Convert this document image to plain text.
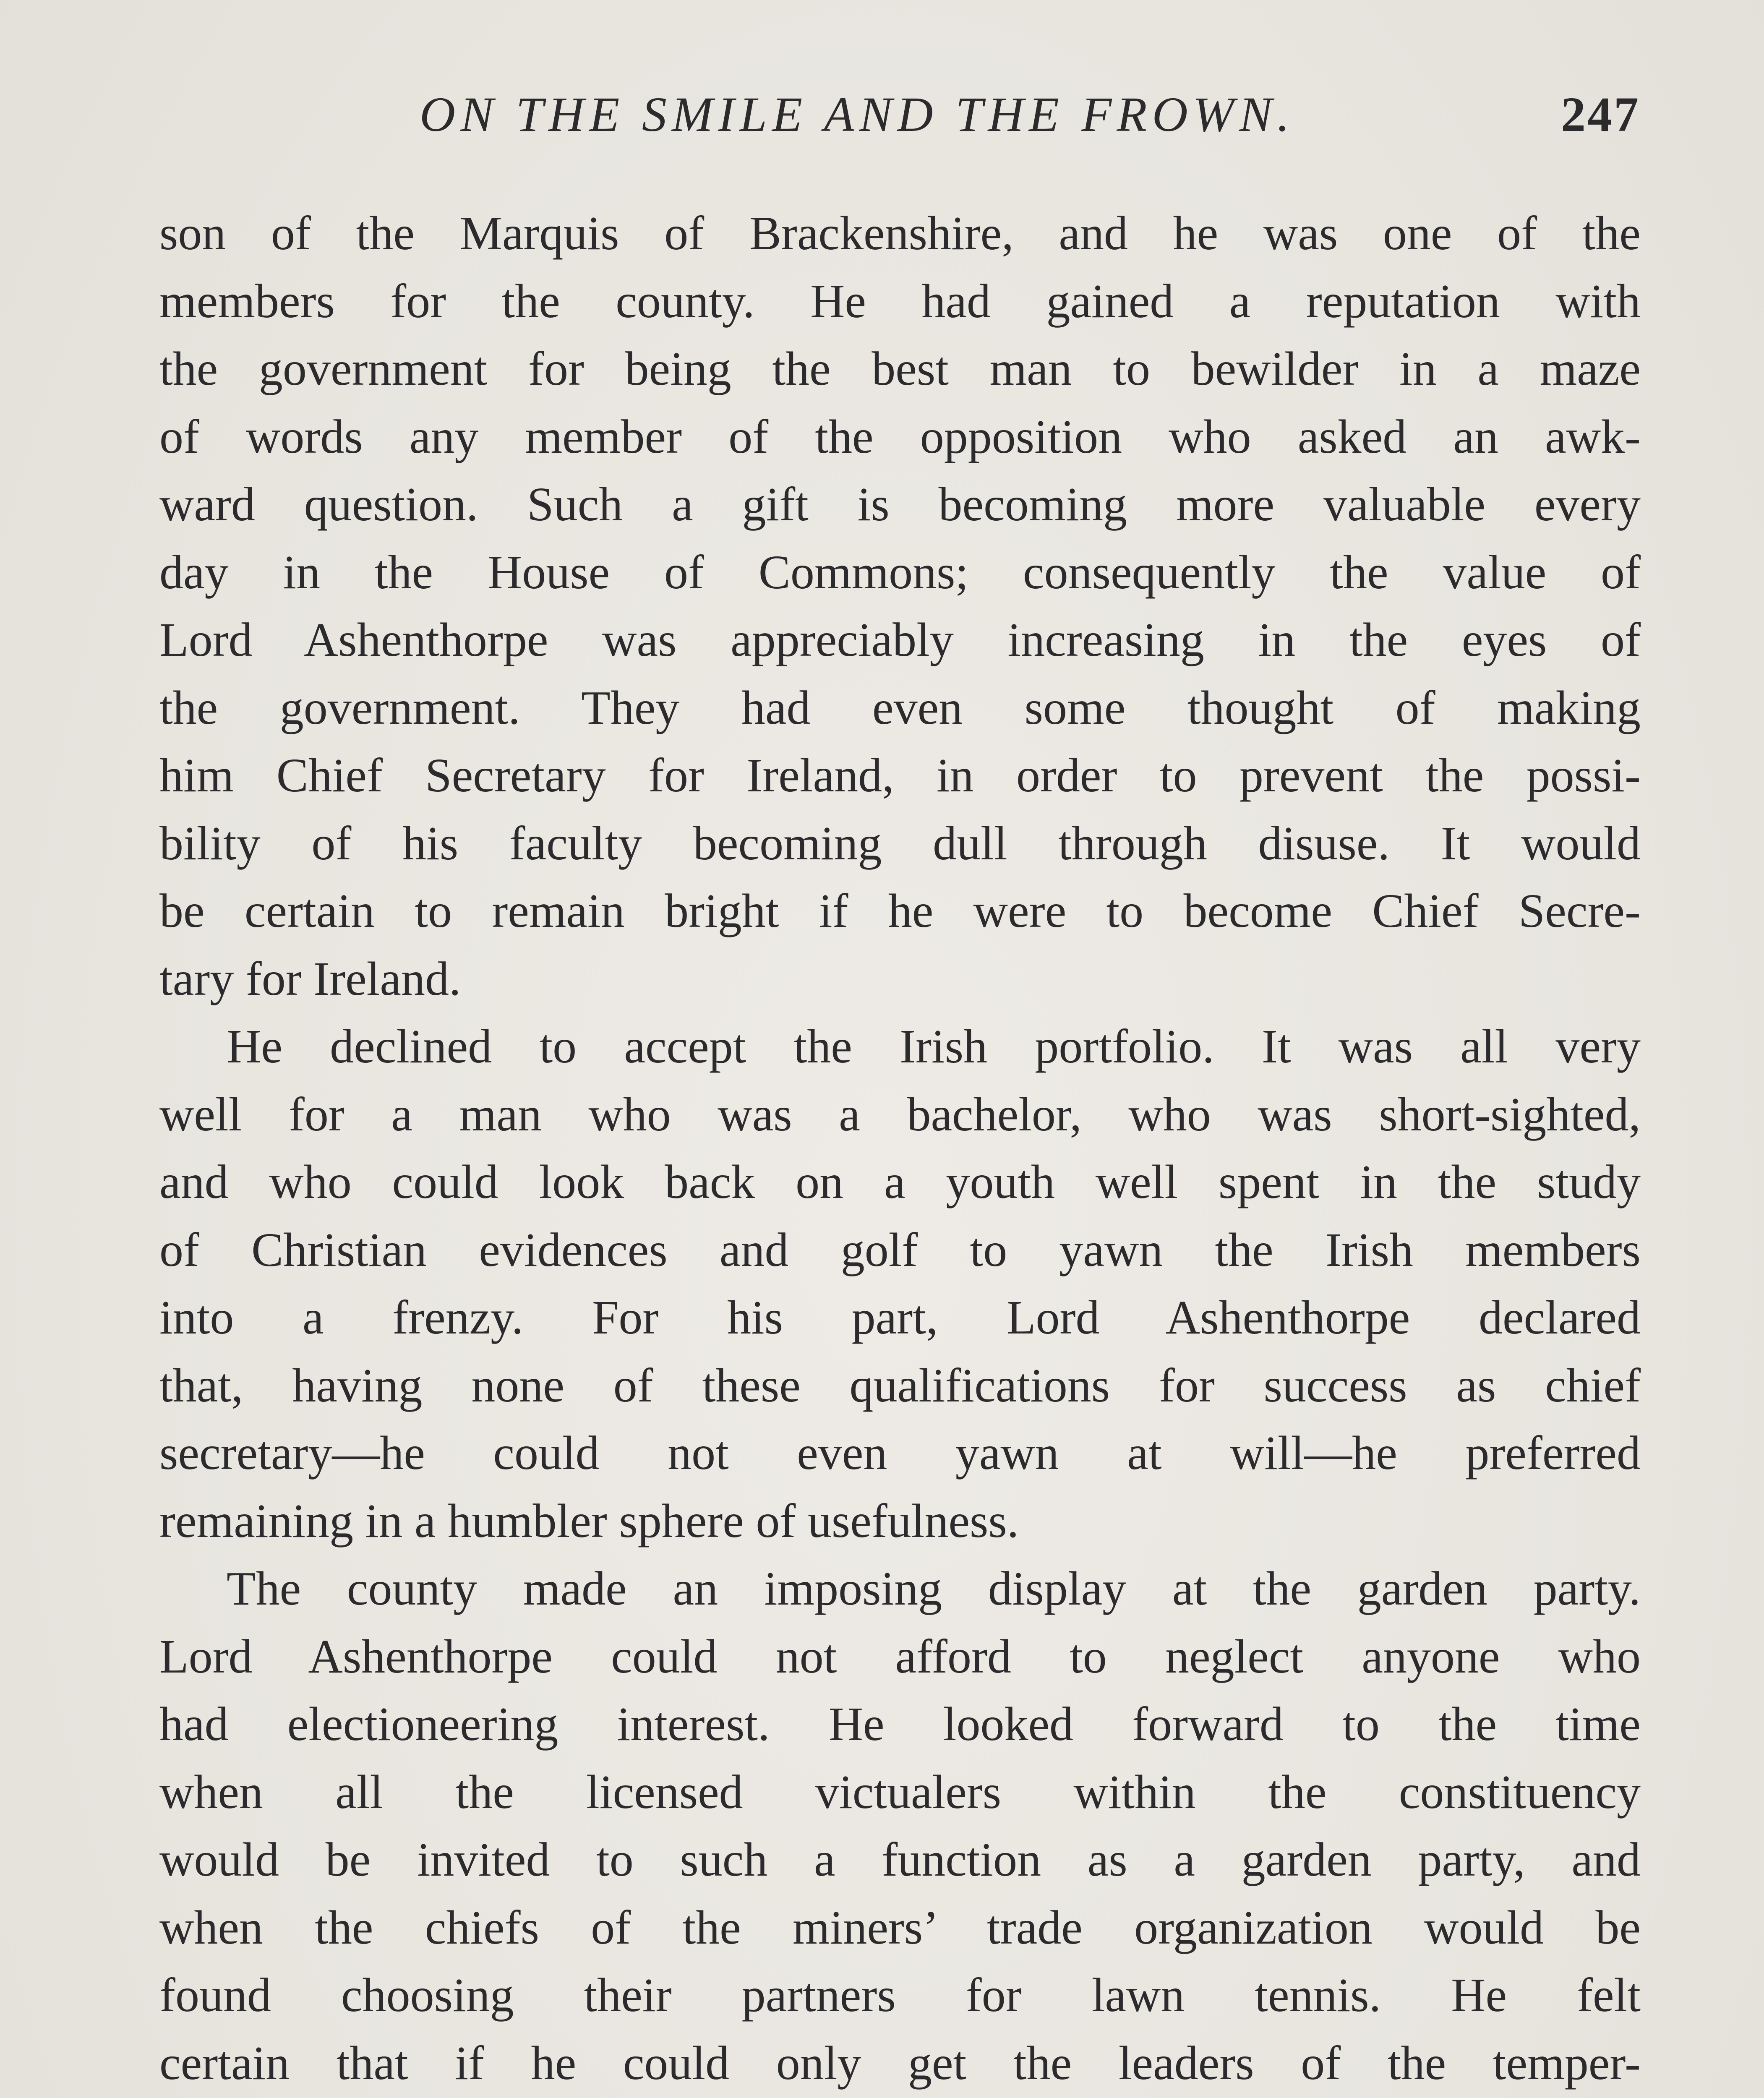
ON THE SMILE AND THE FROWN.	247
son of the Marquis of Brackenshire, and he was one of the
members for the county. He had gained a reputation with
the government for being the best man to bewilder in a maze
of words any member of the opposition who asked an awk-
ward question. Such a gift is becoming more valuable every
day in the House of Commons; consequently the value of
Lord Ashenthorpe was appreciably increasing in the eyes of
the government. They had even some thought of making
him Chief Secretary for Ireland, in order to prevent the possi-
bility of his faculty becoming dull through disuse. It would
be certain to remain bright if he were to become Chief Secre-
tary for Ireland.
He declined to accept the Irish portfolio. It was all very
well for a man who was a bachelor, who was short-sighted,
and who could look back on a youth well spent in the study
of Christian evidences and golf to yawn the Irish members
into a frenzy. For his part, Lord Ashenthorpe declared
that, having none of these qualifications for success as chief
secretary—he could not even yawn at will—he preferred
remaining in a humbler sphere of usefulness.
The county made an imposing display at the garden party.
Lord Ashenthorpe could not afford to neglect anyone who
had electioneering interest. He looked forward to the time
when all the licensed victualers within the constituency
would be invited to such a function as a garden party, and
when the chiefs of the miners’ trade organization would be
found choosing their partners for lawn tennis. He felt
certain that if he could only get the leaders of the temper-
